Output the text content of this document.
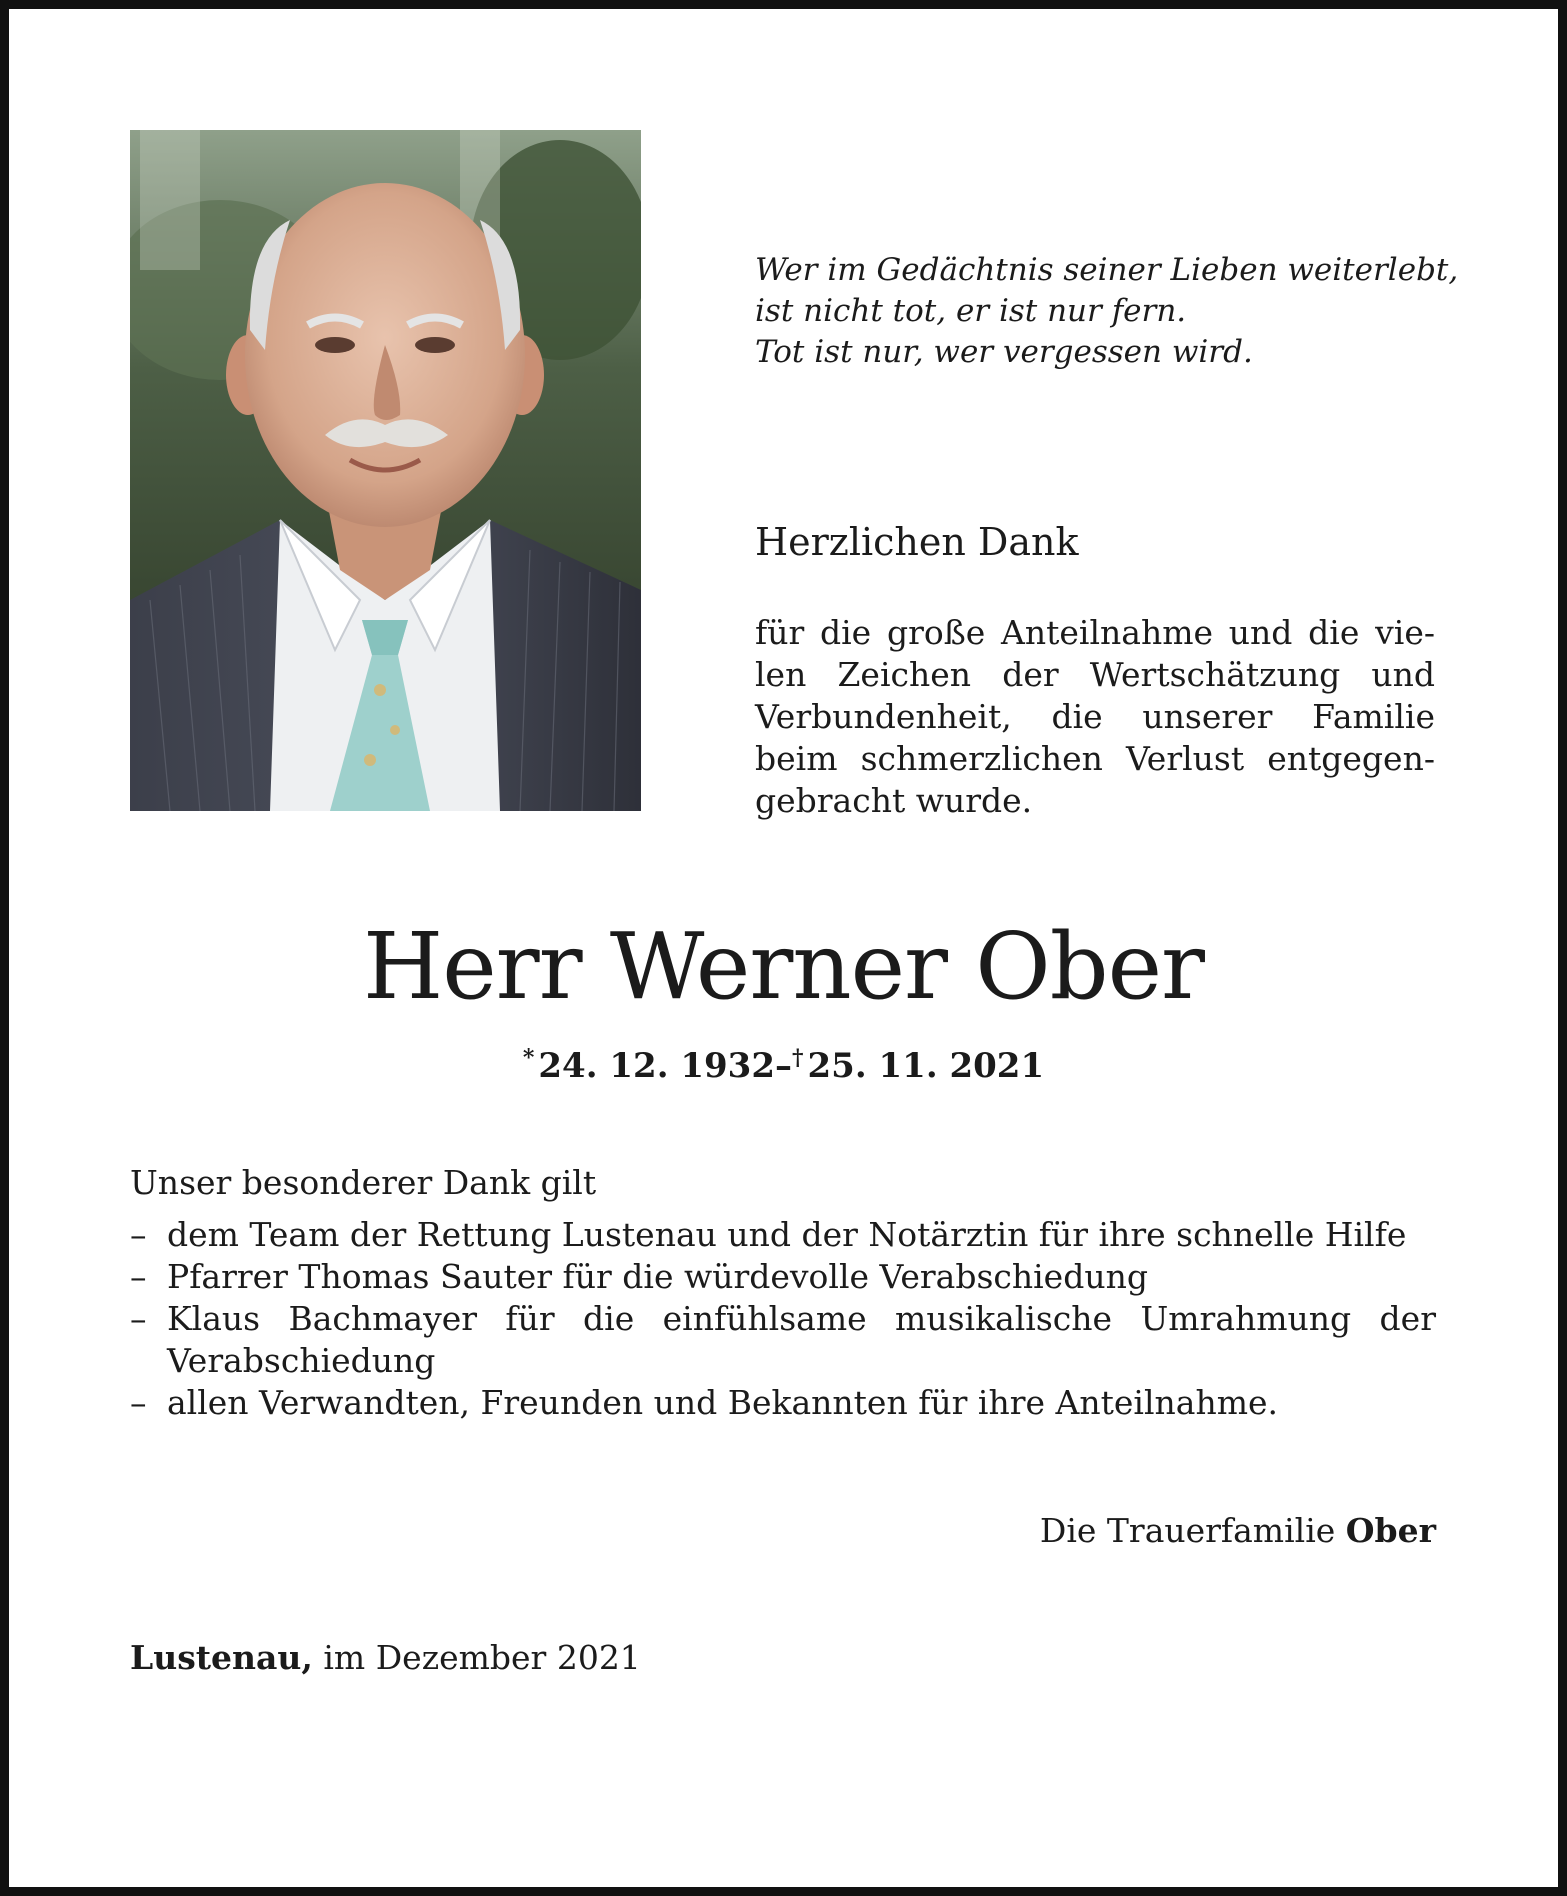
Wer im Gedächtnis seiner Lieben weiterlebt,
ist nicht tot, er ist nur fern.
Tot ist nur, wer vergessen wird.
Herzlichen Dank
für die große Anteilnahme und die vie-
len Zeichen der Wertschätzung und
Verbundenheit, die unserer Familie
beim schmerzlichen Verlust entgegen-
gebracht wurde.
Herr Werner Ober
* 24. 12. 1932–† 25. 11. 2021
Unser besonderer Dank gilt
– dem Team der Rettung Lustenau und der Notärztin für ihre schnelle Hilfe
– Pfarrer Thomas Sauter für die würdevolle Verabschiedung
– Klaus Bachmayer für die einfühlsame musikalische Umrahmung der Verabschiedung
– allen Verwandten, Freunden und Bekannten für ihre Anteilnahme.
Die Trauerfamilie Ober
Lustenau, im Dezember 2021
